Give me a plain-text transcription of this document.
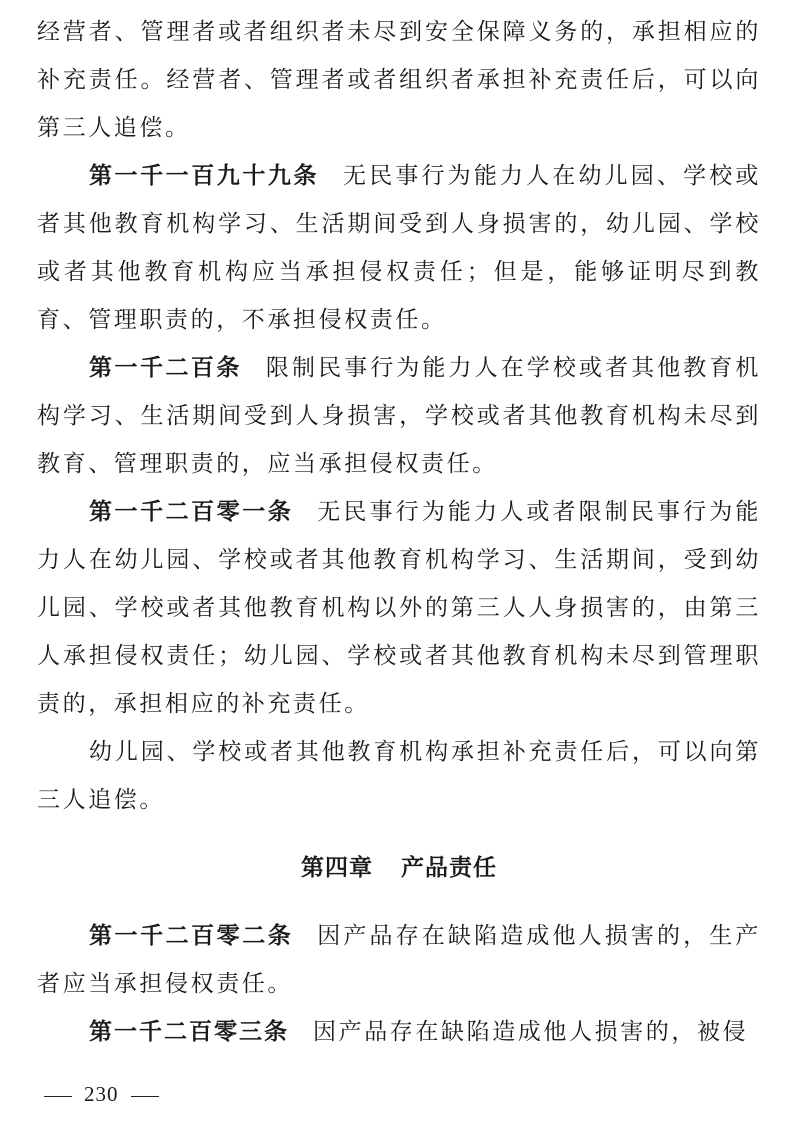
经营者、管理者或者组织者未尽到安全保障义务的，承担相应的补充责任。经营者、管理者或者组织者承担补充责任后，可以向第三人追偿。

第一千一百九十九条 无民事行为能力人在幼儿园、学校或者其他教育机构学习、生活期间受到人身损害的，幼儿园、学校或者其他教育机构应当承担侵权责任；但是，能够证明尽到教育、管理职责的，不承担侵权责任。

第一千二百条 限制民事行为能力人在学校或者其他教育机构学习、生活期间受到人身损害，学校或者其他教育机构未尽到教育、管理职责的，应当承担侵权责任。

第一千二百零一条 无民事行为能力人或者限制民事行为能力人在幼儿园、学校或者其他教育机构学习、生活期间，受到幼儿园、学校或者其他教育机构以外的第三人人身损害的，由第三人承担侵权责任；幼儿园、学校或者其他教育机构未尽到管理职责的，承担相应的补充责任。

幼儿园、学校或者其他教育机构承担补充责任后，可以向第三人追偿。

第四章 产品责任

第一千二百零二条 因产品存在缺陷造成他人损害的，生产者应当承担侵权责任。

第一千二百零三条 因产品存在缺陷造成他人损害的，被侵

230
